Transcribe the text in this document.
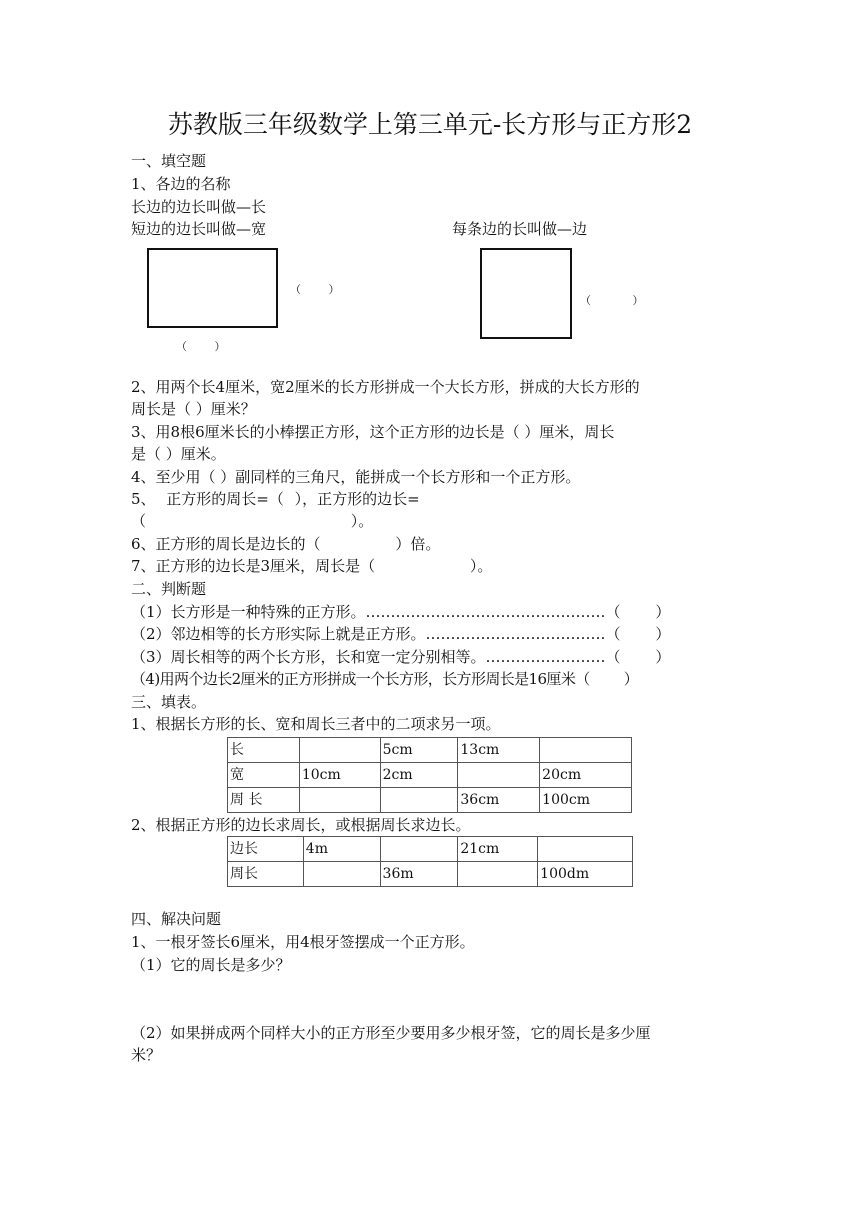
苏教版三年级数学上第三单元-长方形与正方形2
一、填空题
1、各边的名称
长边的边长叫做—长
短边的边长叫做—宽	每条边的长叫做—边
（ ）
（ ）
（ ）
2、用两个长4厘米，宽2厘米的长方形拼成一个大长方形，拼成的大长方形的
周长是（ ）厘米？
3、用8根6厘米长的小棒摆正方形，这个正方形的边长是（ ）厘米，周长
是（ ）厘米。
4、至少用（ ）副同样的三角尺，能拼成一个长方形和一个正方形。
5、 正方形的周长=（ ），正方形的边长=
（ ）。
6、正方形的周长是边长的（ ）倍。
7、正方形的边长是3厘米，周长是（ ）。
二、判断题
（1）长方形是一种特殊的正方形。…………………………………………（ ）
（2）邻边相等的长方形实际上就是正方形。………………………………（ ）
（3）周长相等的两个长方形，长和宽一定分别相等。……………………（ ）
（4)用两个边长2厘米的正方形拼成一个长方形，长方形周长是16厘米（ ）
三、填表。
1、根据长方形的长、宽和周长三者中的二项求另一项。
长		5cm	13cm	
宽	10cm	2cm		20cm
周 长			36cm	100cm
2、根据正方形的边长求周长，或根据周长求边长。
边长	4m		21cm	
周长		36m		100dm
四、解决问题
1、一根牙签长6厘米，用4根牙签摆成一个正方形。
（1）它的周长是多少？
（2）如果拼成两个同样大小的正方形至少要用多少根牙签，它的周长是多少厘
米？
